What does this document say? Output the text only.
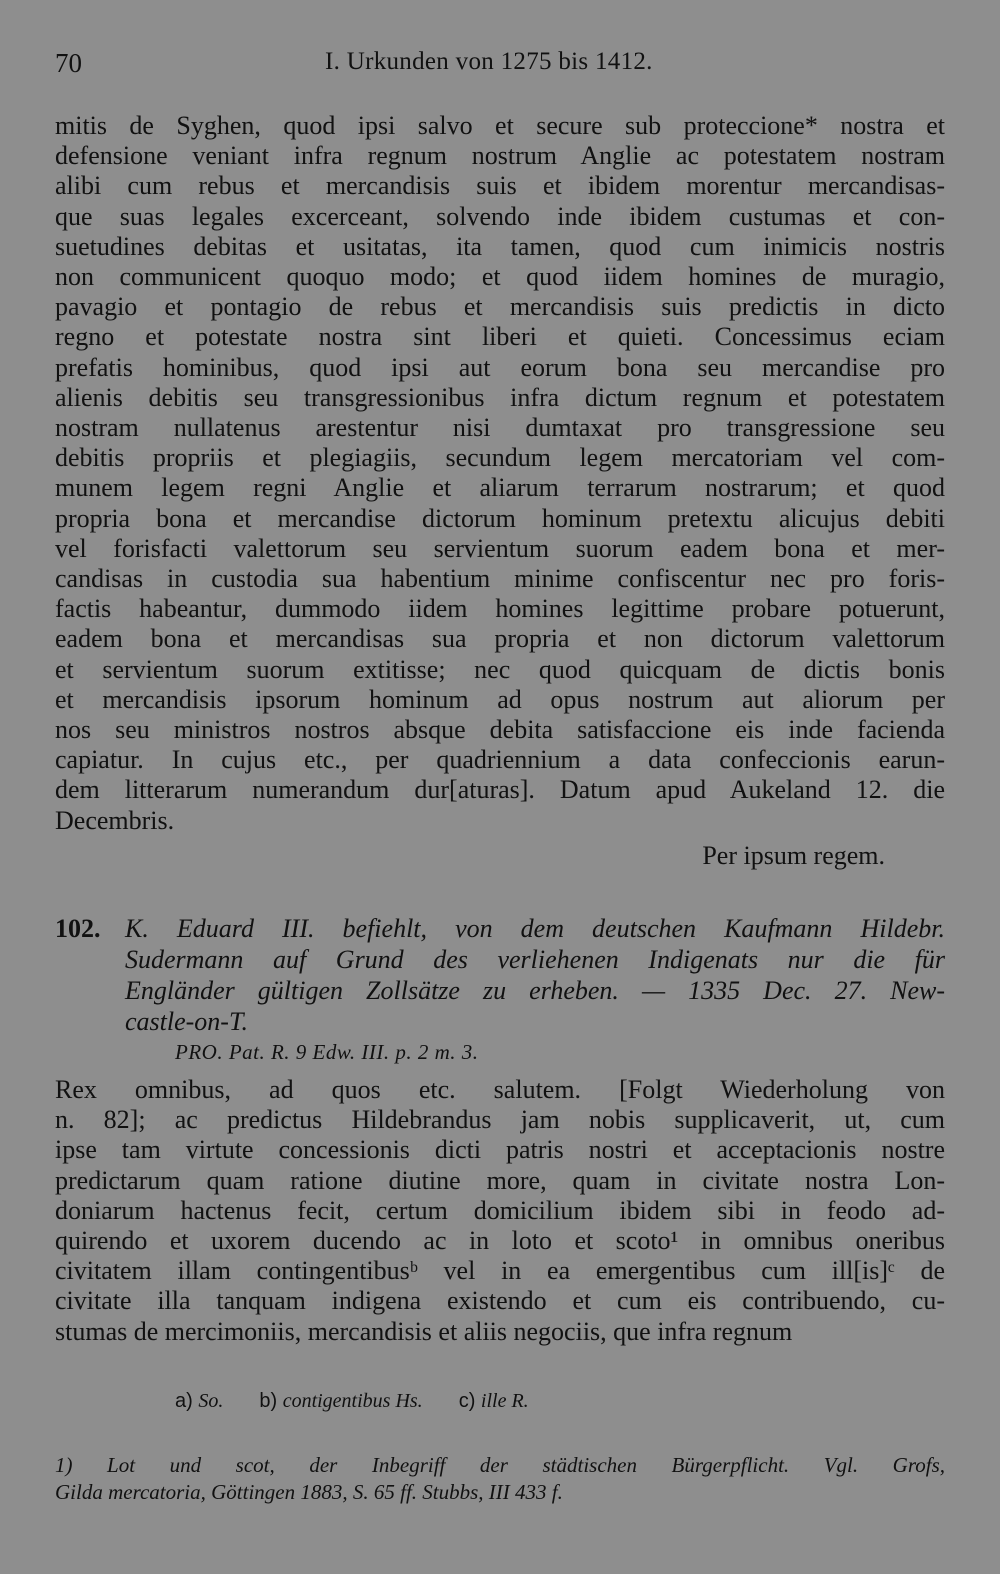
70	I. Urkunden von 1275 bis 1412.
mitis de Syghen, quod ipsi salvo et secure sub proteccione* nostra et
defensione veniant infra regnum nostrum Anglie ac potestatem nostram
alibi cum rebus et mercandisis suis et ibidem morentur mercandisas-
que suas legales excerceant, solvendo inde ibidem custumas et con-
suetudines debitas et usitatas, ita tamen, quod cum inimicis nostris
non communicent quoquo modo; et quod iidem homines de muragio,
pavagio et pontagio de rebus et mercandisis suis predictis in dicto
regno et potestate nostra sint liberi et quieti. Concessimus eciam
prefatis hominibus, quod ipsi aut eorum bona seu mercandise pro
alienis debitis seu transgressionibus infra dictum regnum et potestatem
nostram nullatenus arestentur nisi dumtaxat pro transgressione seu
debitis propriis et plegiagiis, secundum legem mercatoriam vel com-
munem legem regni Anglie et aliarum terrarum nostrarum; et quod
propria bona et mercandise dictorum hominum pretextu alicujus debiti
vel forisfacti valettorum seu servientum suorum eadem bona et mer-
candisas in custodia sua habentium minime confiscentur nec pro foris-
factis habeantur, dummodo iidem homines legittime probare potuerunt,
eadem bona et mercandisas sua propria et non dictorum valettorum
et servientum suorum extitisse; nec quod quicquam de dictis bonis
et mercandisis ipsorum hominum ad opus nostrum aut aliorum per
nos seu ministros nostros absque debita satisfaccione eis inde facienda
capiatur. In cujus etc., per quadriennium a data confeccionis earun-
dem litterarum numerandum dur[aturas]. Datum apud Aukeland 12. die
Decembris.
Per ipsum regem.
102. K. Eduard III. befiehlt, von dem deutschen Kaufmann Hildebr.
Sudermann auf Grund des verliehenen Indigenats nur die für
Engländer gültigen Zollsätze zu erheben. — 1335 Dec. 27. New-
castle-on-T.
PRO. Pat. R. 9 Edw. III. p. 2 m. 3.
Rex omnibus, ad quos etc. salutem. [Folgt Wiederholung von
n. 82]; ac predictus Hildebrandus jam nobis supplicaverit, ut, cum
ipse tam virtute concessionis dicti patris nostri et acceptacionis nostre
predictarum quam ratione diutine more, quam in civitate nostra Lon-
doniarum hactenus fecit, certum domicilium ibidem sibi in feodo ad-
quirendo et uxorem ducendo ac in loto et scoto¹ in omnibus oneribus
civitatem illam contingentibusᵇ vel in ea emergentibus cum ill[is]ᶜ de
civitate illa tanquam indigena existendo et cum eis contribuendo, cu-
stumas de mercimoniis, mercandisis et aliis negociis, que infra regnum
a) So. b) contigentibus Hs. c) ille R.
1) Lot und scot, der Inbegriff der städtischen Bürgerpflicht. Vgl. Grofs,
Gilda mercatoria, Göttingen 1883, S. 65 ff. Stubbs, III 433 f.
